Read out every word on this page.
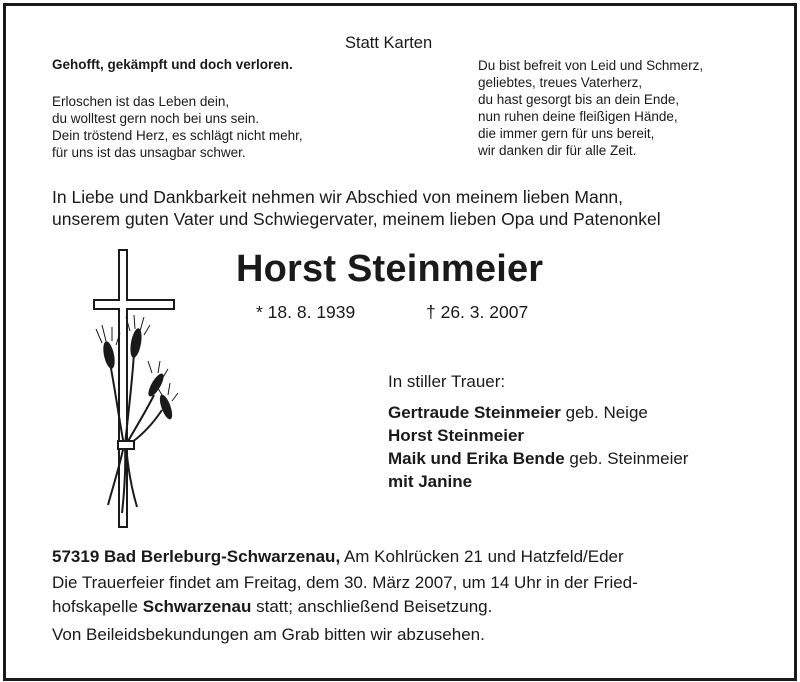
Statt Karten
Gehofft, gekämpft und doch verloren.
Erloschen ist das Leben dein,
du wolltest gern noch bei uns sein.
Dein tröstend Herz, es schlägt nicht mehr,
für uns ist das unsagbar schwer.
Du bist befreit von Leid und Schmerz,
geliebtes, treues Vaterherz,
du hast gesorgt bis an dein Ende,
nun ruhen deine fleißigen Hände,
die immer gern für uns bereit,
wir danken dir für alle Zeit.
In Liebe und Dankbarkeit nehmen wir Abschied von meinem lieben Mann,
unserem guten Vater und Schwiegervater, meinem lieben Opa und Patenonkel
Horst Steinmeier
* 18. 8. 1939	† 26. 3. 2007
In stiller Trauer:
Gertraude Steinmeier geb. Neige
Horst Steinmeier
Maik und Erika Bende geb. Steinmeier
mit Janine
57319 Bad Berleburg-Schwarzenau, Am Kohlrücken 21 und Hatzfeld/Eder
Die Trauerfeier findet am Freitag, dem 30. März 2007, um 14 Uhr in der Fried-
hofskapelle Schwarzenau statt; anschließend Beisetzung.
Von Beileidsbekundungen am Grab bitten wir abzusehen.
